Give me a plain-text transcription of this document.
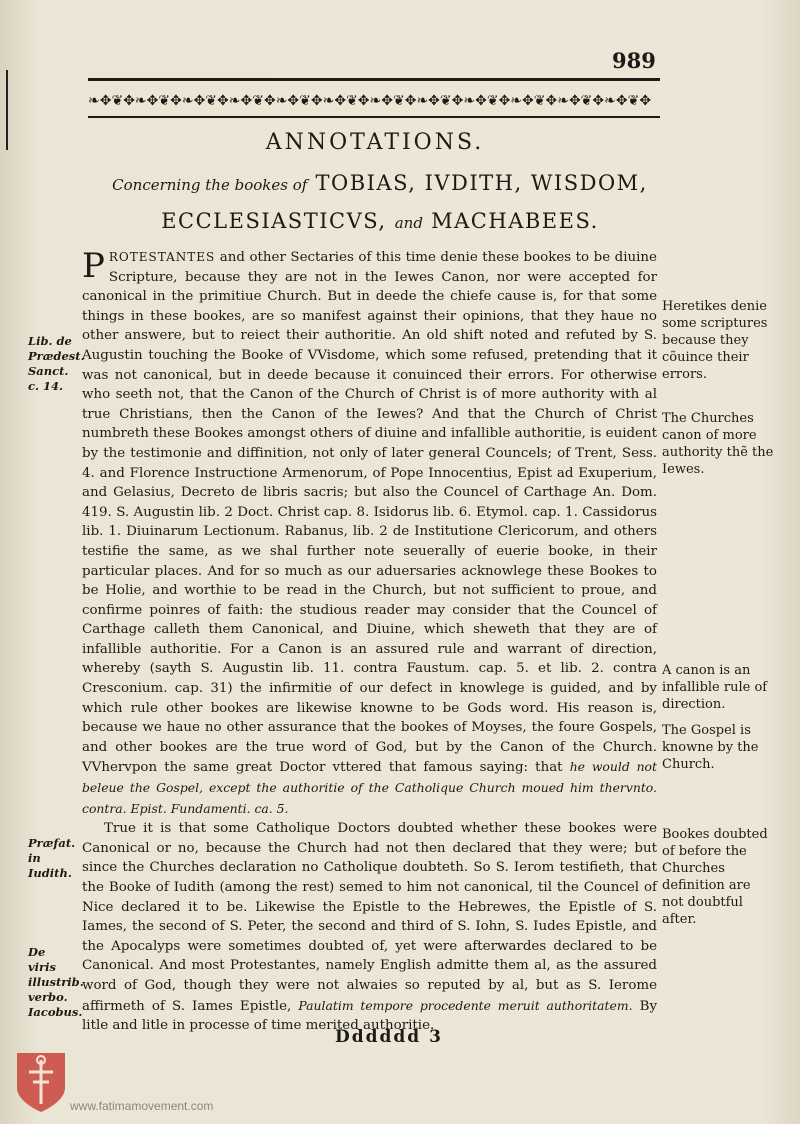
989
❧✥❦✥❧✥❦✥❧✥❦✥❧✥❦✥❧✥❦✥❧✥❦✥❧✥❦✥❧✥❦✥❧✥❦✥❧✥❦✥❧✥❦✥❧✥❦✥
ANNOTATIONS.
Concerning the bookes of TOBIAS, IVDITH, WISDOM,
ECCLESIASTICVS, and MACHABEES.

PROTESTANTES and other Sectaries of this time denie these bookes to be diuine Scripture, because they are not in the Iewes Canon, nor were accepted for canonical in the primitiue Church. But in deede the chiefe cause is, for that some things in these bookes, are so manifest against their opinions, that they haue no other answere, but to reiect their authoritie. An old shift noted and refuted by S. Augustin touching the Booke of VVisdome, which some refused, pretending that it was not canonical, but in deede because it conuinced their errors. For otherwise who seeth not, that the Canon of the Church of Christ is of more authority with al true Christians, then the Canon of the Iewes? And that the Church of Christ numbreth these Bookes amongst others of diuine and infallible authoritie, is euident by the testimonie and diffinition, not only of later general Councels; of Trent, Sess. 4. and Florence Instructione Armenorum, of Pope Innocentius, Epist ad Exuperium, and Gelasius, Decreto de libris sacris; but also the Councel of Carthage An. Dom. 419. S. Augustin lib. 2 Doct. Christ cap. 8. Isidorus lib. 6. Etymol. cap. 1. Cassidorus lib. 1. Diuinarum Lectionum. Rabanus, lib. 2 de Institutione Clericorum, and others testifie the same, as we shal further note seuerally of euerie booke, in their particular places. And for so much as our aduersaries acknowlege these Bookes to be Holie, and worthie to be read in the Church, but not sufficient to proue, and confirme poinres of faith: the studious reader may consider that the Councel of Carthage calleth them Canonical, and Diuine, which sheweth that they are of infallible authoritie. For a Canon is an assured rule and warrant of direction, whereby (sayth S. Augustin lib. 11. contra Faustum. cap. 5. et lib. 2. contra Cresconium. cap. 31) the infirmitie of our defect in knowlege is guided, and by which rule other bookes are likewise knowne to be Gods word. His reason is, because we haue no other assurance that the bookes of Moyses, the foure Gospels, and other bookes are the true word of God, but by the Canon of the Church. VVhervpon the same great Doctor vttered that famous saying: that he would not beleue the Gospel, except the authoritie of the Catholique Church moued him thervnto. contra. Epist. Fundamenti. ca. 5.

True it is that some Catholique Doctors doubted whether these bookes were Canonical or no, because the Church had not then declared that they were; but since the Churches declaration no Catholique doubteth. So S. Ierom testifieth, that the Booke of Iudith (among the rest) semed to him not canonical, til the Councel of Nice declared it to be. Likewise the Epistle to the Hebrewes, the Epistle of S. Iames, the second of S. Peter, the second and third of S. Iohn, S. Iudes Epistle, and the Apocalyps were sometimes doubted of, yet were afterwardes declared to be Canonical. And most Protestantes, namely English admitte them al, as the assured word of God, though they were not alwaies so reputed by al, but as S. Ierome affirmeth of S. Iames Epistle, Paulatim tempore procedente meruit authoritatem. By litle and litle in processe of time merited authoritie.

Lib. de Prædest. Sanct. c. 14.
Præfat. in Iudith.
De viris illustrib. verbo. Iacobus.
Heretikes denie some scriptures because they cõuince their errors.
The Churches canon of more authority thẽ the Iewes.
A canon is an infallible rule of direction.
The Gospel is knowne by the Church.
Bookes doubted of before the Churches definition are not doubtful after.
Dddddd 3
www.fatimamovement.com
